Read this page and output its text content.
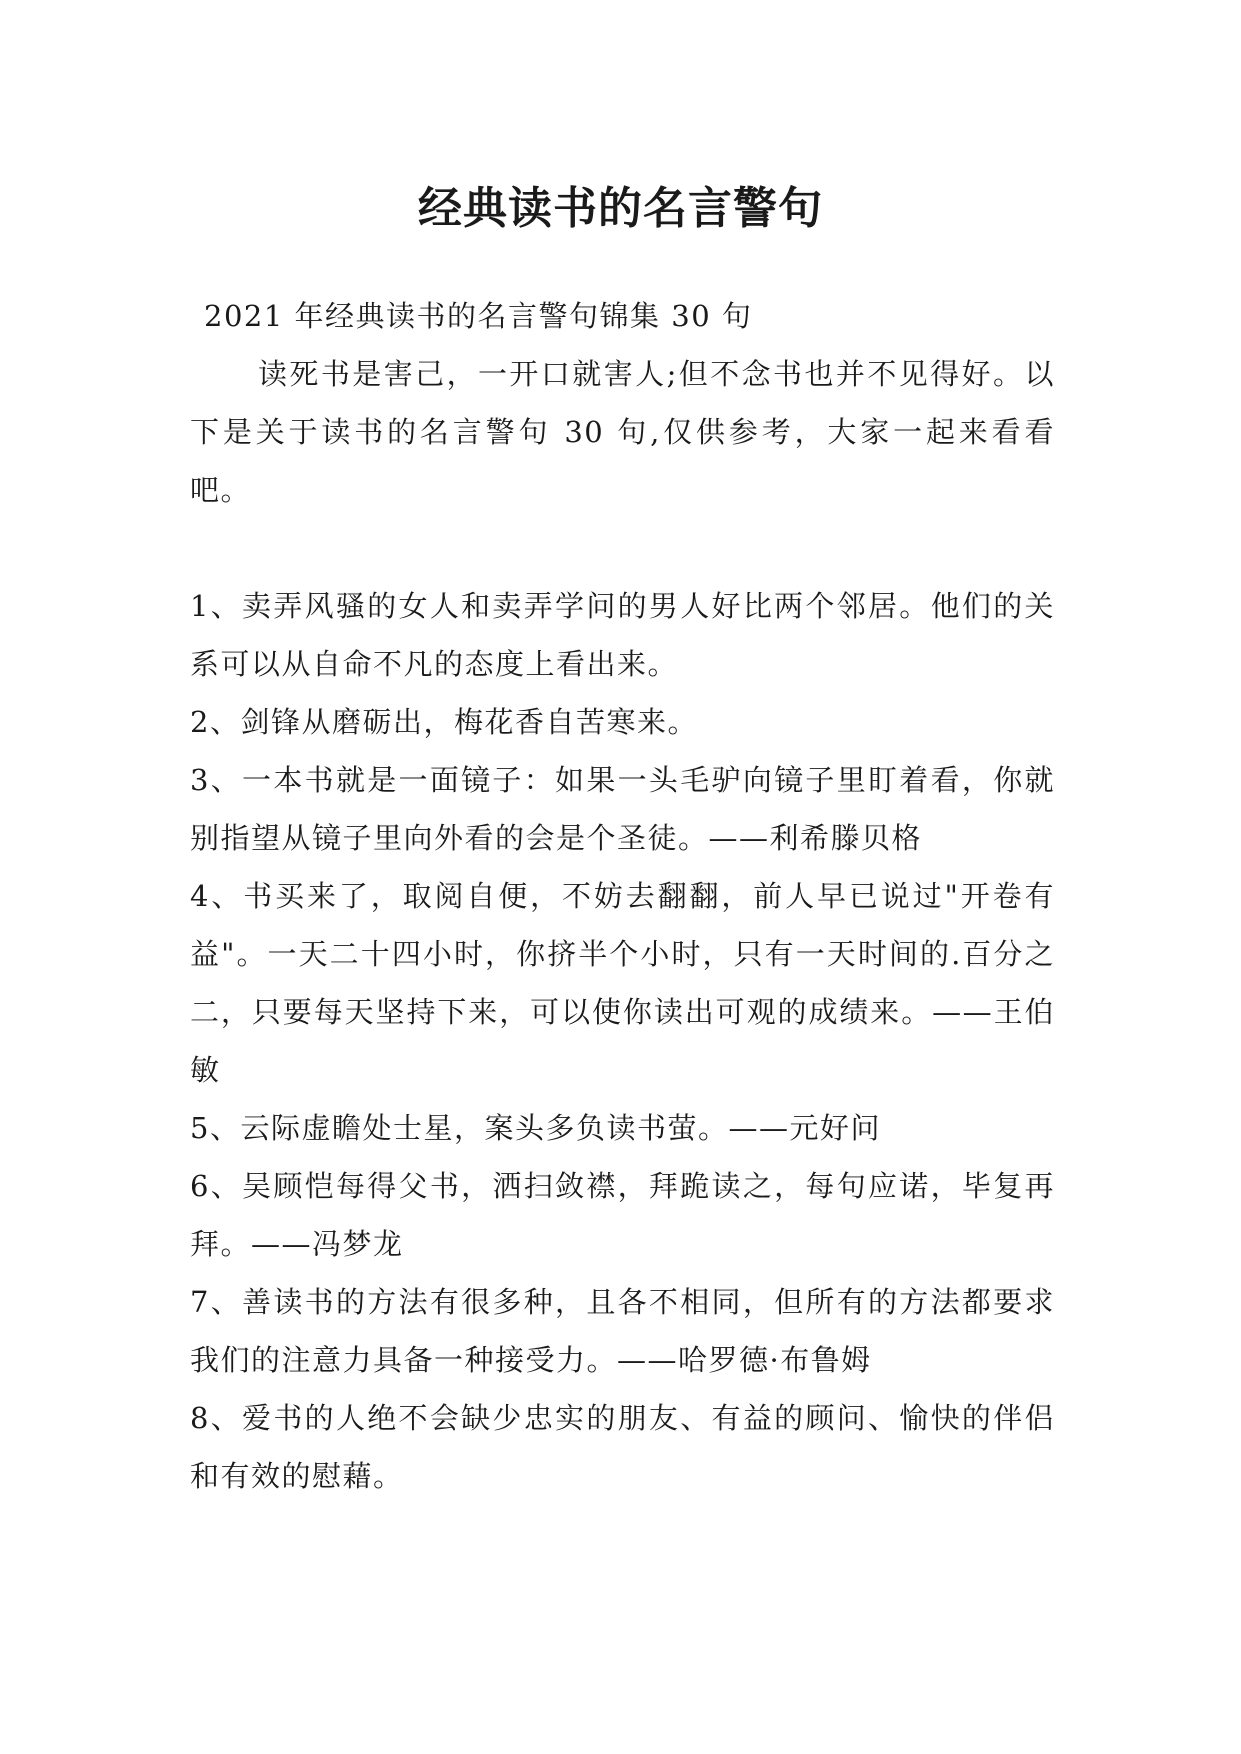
经典读书的名言警句

2021 年经典读书的名言警句锦集 30 句

读死书是害己，一开口就害人;但不念书也并不见得好。以下是关于读书的名言警句 30 句,仅供参考，大家一起来看看吧。

1、卖弄风骚的女人和卖弄学问的男人好比两个邻居。他们的关系可以从自命不凡的态度上看出来。

2、剑锋从磨砺出，梅花香自苦寒来。

3、一本书就是一面镜子：如果一头毛驴向镜子里盯着看，你就别指望从镜子里向外看的会是个圣徒。——利希滕贝格

4、书买来了，取阅自便，不妨去翻翻，前人早已说过"开卷有益"。一天二十四小时，你挤半个小时，只有一天时间的.百分之二，只要每天坚持下来，可以使你读出可观的成绩来。——王伯敏

5、云际虚瞻处士星，案头多负读书萤。——元好问

6、吴顾恺每得父书，洒扫敛襟，拜跪读之，每句应诺，毕复再拜。——冯梦龙

7、善读书的方法有很多种，且各不相同，但所有的方法都要求我们的注意力具备一种接受力。——哈罗德·布鲁姆

8、爱书的人绝不会缺少忠实的朋友、有益的顾问、愉快的伴侣和有效的慰藉。
